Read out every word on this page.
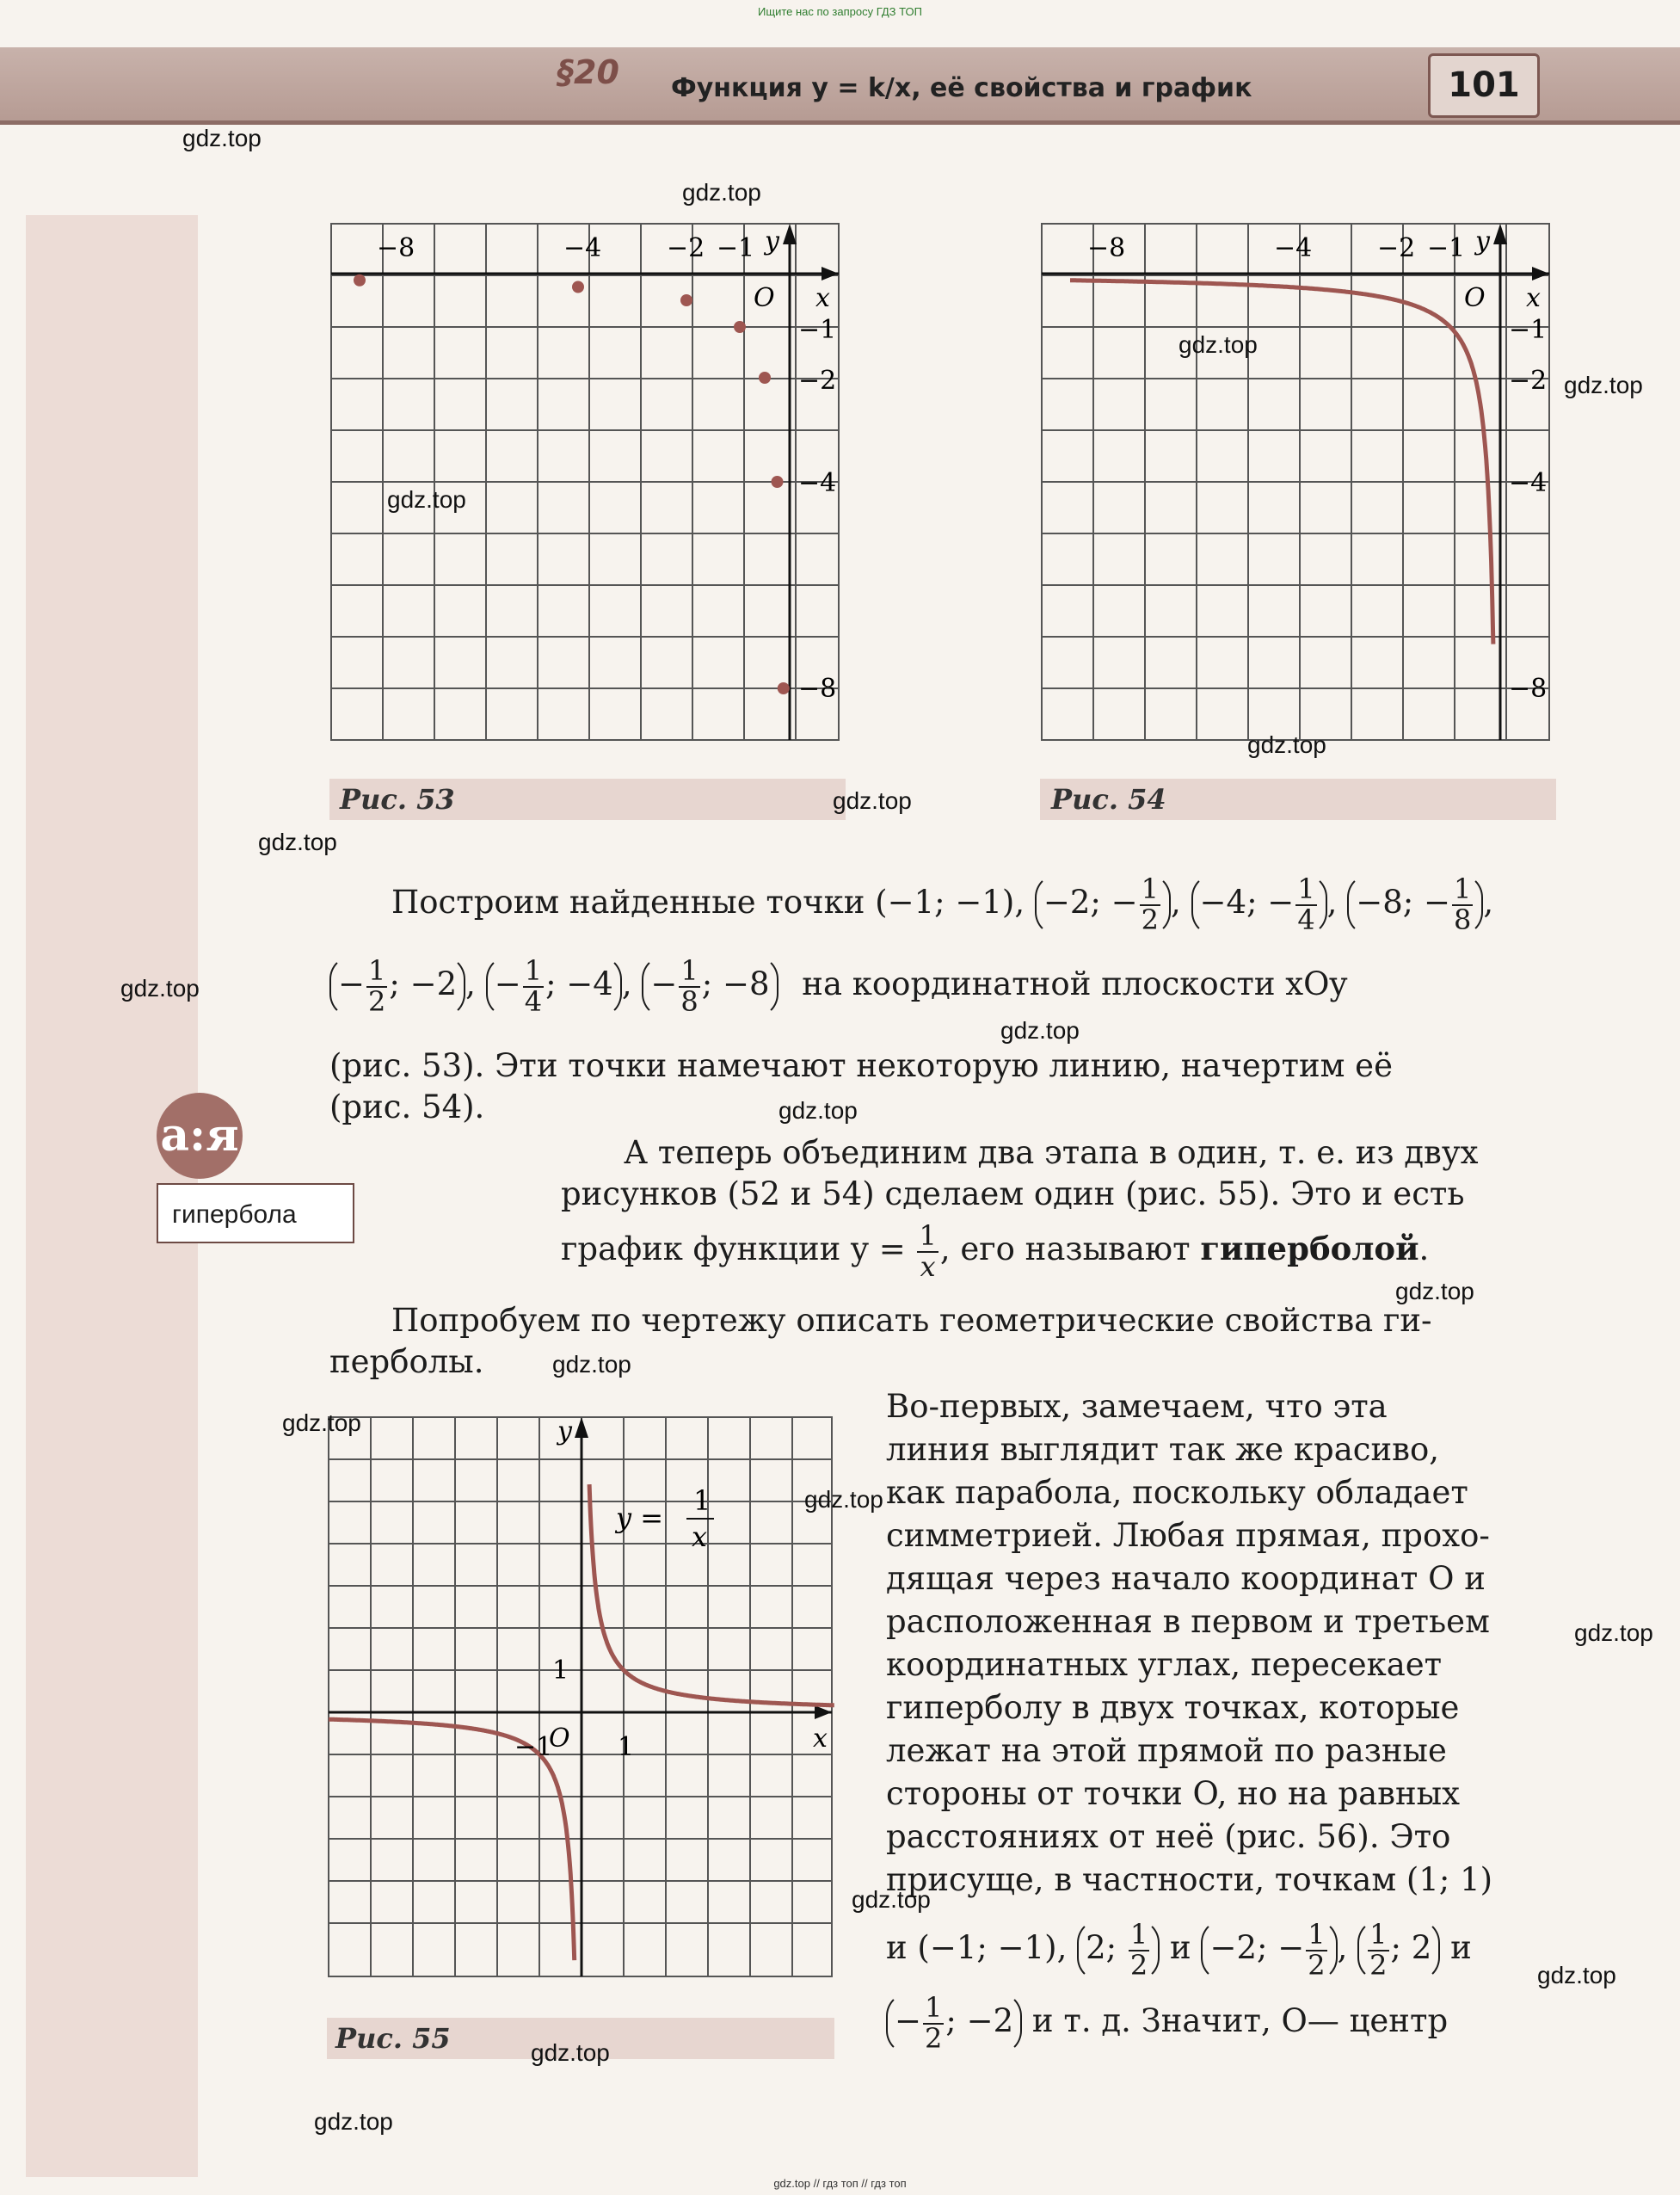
Ищите нас по запросу ГДЗ ТОП
§20 Функция y = k/x, её свойства и график	101
−8	−4	−2 −1 y
O x
−1
−2
−4
−8
Рис. 53
−8	−4	−2 −1 y
O x
−1
−2
−4
−8
Рис. 54
Построим найденные точки (−1; −1), −2; − $\frac{1}{2}$ , −4; − $\frac{1}{4}$ , −8; − $\frac{1}{8}$ ,
− $\frac{1}{2}$ ; −2 , − $\frac{1}{4}$ ; −4 , − $\frac{1}{8}$ ; −8 на координатной плоскости xOy
(рис. 53). Эти точки намечают некоторую линию, начертим её
(рис. 54).
а:я
гипербола
А теперь объединим два этапа в один, т. е. из двух
рисунков (52 и 54) сделаем один (рис. 55). Это и есть
график функции $y = \frac{1}{x}$ , его называют гиперболой.
Попробуем по чертежу описать геометрические свойства ги-
перболы.
y
x
O
−1	1
1
y =
1
x
Рис. 55
Во-первых, замечаем, что эта
линия выглядит так же красиво,
как парабола, поскольку обладает
симметрией. Любая прямая, прохо-
дящая через начало координат O и
расположенная в первом и третьем
координатных углах, пересекает
гиперболу в двух точках, которые
лежат на этой прямой по разные
стороны от точки O, но на равных
расстояниях от неё (рис. 56). Это
присуще, в частности, точкам (1; 1)
и (−1; −1), 2; $\frac{1}{2}$ и −2; − $\frac{1}{2}$ , $\frac{1}{2}$ ; 2 и
− $\frac{1}{2}$ ; −2 и т. д. Значит, O— центр
gdz.top
gdz.top
gdz.top
gdz.top
gdz.top
gdz.top
gdz.top
gdz.top
gdz.top
gdz.top
gdz.top
gdz.top
gdz.top
gdz.top
gdz.top
gdz.top
gdz.top
gdz.top
gdz.top
gdz.top
gdz.top // гдз топ // гдз топ
